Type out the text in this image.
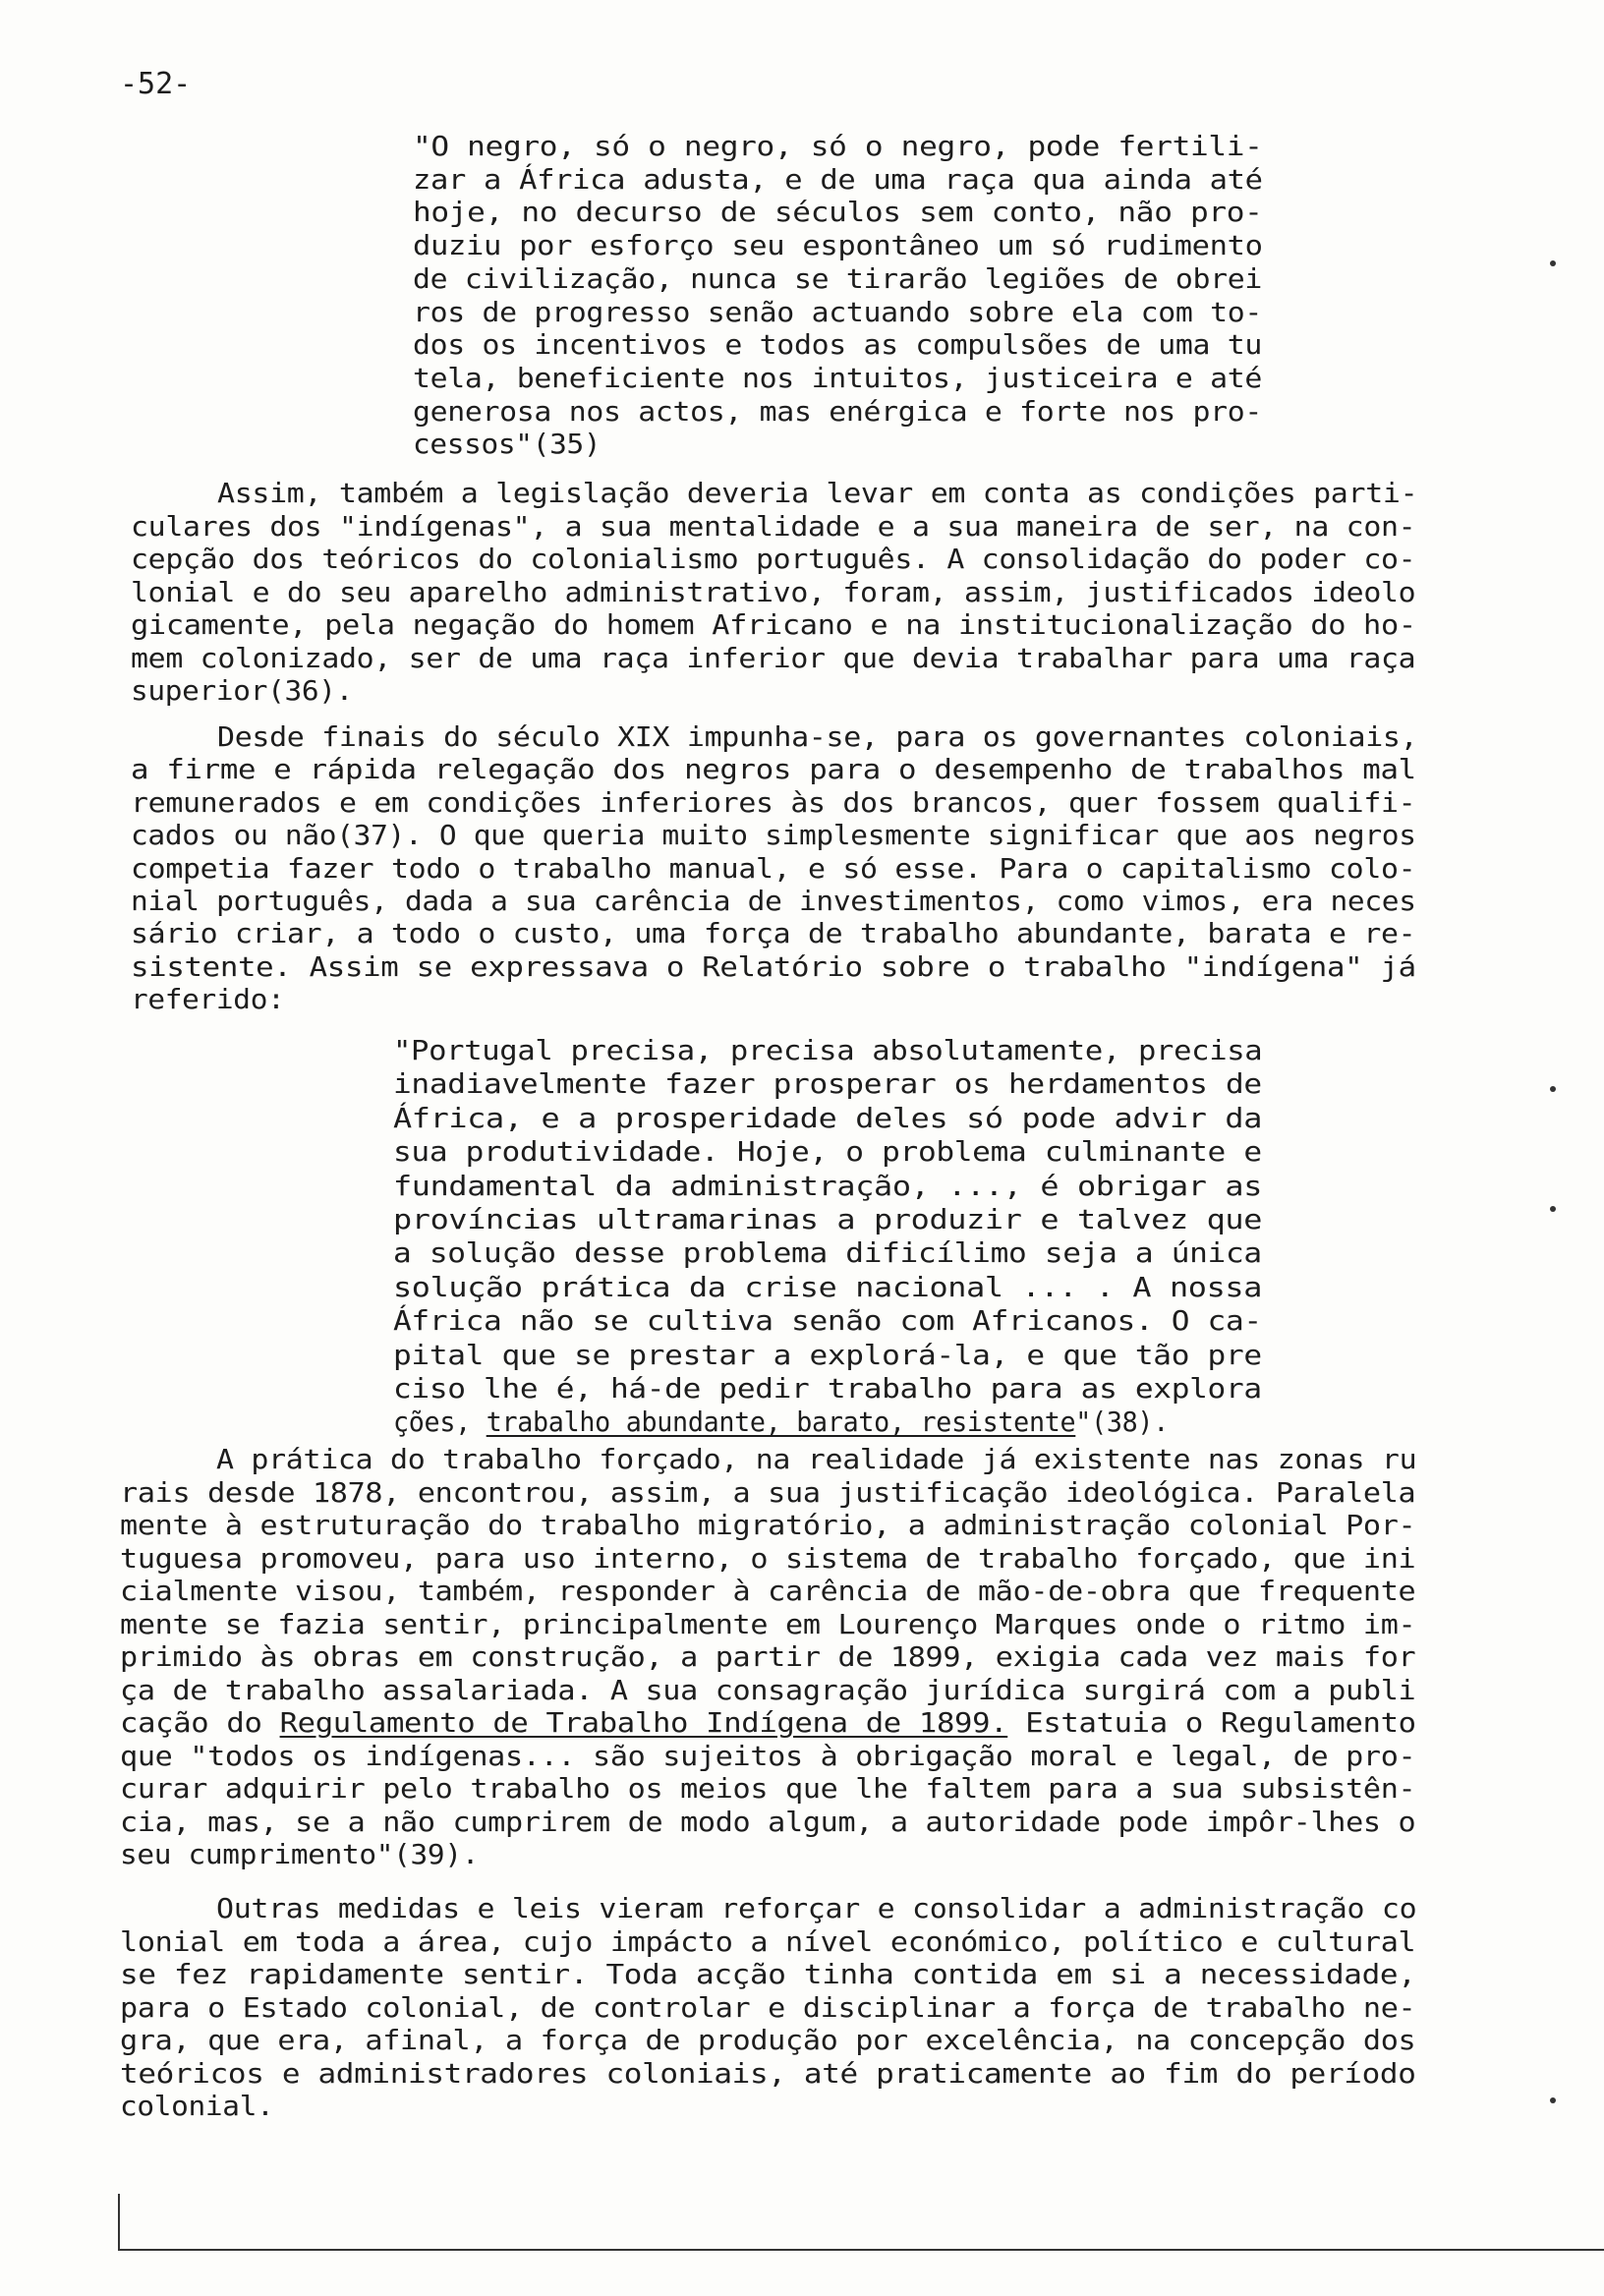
-52-
"O negro, só o negro, só o negro, pode fertili-
zar a África adusta, e de uma raça qua ainda até
hoje, no decurso de séculos sem conto, não pro-
duziu por esforço seu espontâneo um só rudimento
de civilização, nunca se tirarão legiões de obrei
ros de progresso senão actuando sobre ela com to-
dos os incentivos e todos as compulsões de uma tu
tela, beneficiente nos intuitos, justiceira e até
generosa nos actos, mas enérgica e forte nos pro-
cessos"(35)
Assim, também a legislação deveria levar em conta as condições parti-
culares dos "indígenas", a sua mentalidade e a sua maneira de ser, na con-
cepção dos teóricos do colonialismo português. A consolidação do poder co-
lonial e do seu aparelho administrativo, foram, assim, justificados ideolo
gicamente, pela negação do homem Africano e na institucionalização do ho-
mem colonizado, ser de uma raça inferior que devia trabalhar para uma raça
superior(36).
Desde finais do século XIX impunha-se, para os governantes coloniais,
a firme e rápida relegação dos negros para o desempenho de trabalhos mal
remunerados e em condições inferiores às dos brancos, quer fossem qualifi-
cados ou não(37). O que queria muito simplesmente significar que aos negros
competia fazer todo o trabalho manual, e só esse. Para o capitalismo colo-
nial português, dada a sua carência de investimentos, como vimos, era neces
sário criar, a todo o custo, uma força de trabalho abundante, barata e re-
sistente. Assim se expressava o Relatório sobre o trabalho "indígena" já
referido:
"Portugal precisa, precisa absolutamente, precisa
inadiavelmente fazer prosperar os herdamentos de
África, e a prosperidade deles só pode advir da
sua produtividade. Hoje, o problema culminante e
fundamental da administração, ..., é obrigar as
províncias ultramarinas a produzir e talvez que
a solução desse problema dificílimo seja a única
solução prática da crise nacional ... . A nossa
África não se cultiva senão com Africanos. O ca-
pital que se prestar a explorá-la, e que tão pre
ciso lhe é, há-de pedir trabalho para as explora
ções, trabalho abundante, barato, resistente"(38).
A prática do trabalho forçado, na realidade já existente nas zonas ru
rais desde 1878, encontrou, assim, a sua justificação ideológica. Paralela
mente à estruturação do trabalho migratório, a administração colonial Por-
tuguesa promoveu, para uso interno, o sistema de trabalho forçado, que ini
cialmente visou, também, responder à carência de mão-de-obra que frequente
mente se fazia sentir, principalmente em Lourenço Marques onde o ritmo im-
primido às obras em construção, a partir de 1899, exigia cada vez mais for
ça de trabalho assalariada. A sua consagração jurídica surgirá com a publi
cação do Regulamento de Trabalho Indígena de 1899. Estatuia o Regulamento
que "todos os indígenas... são sujeitos à obrigação moral e legal, de pro-
curar adquirir pelo trabalho os meios que lhe faltem para a sua subsistên-
cia, mas, se a não cumprirem de modo algum, a autoridade pode impôr-lhes o
seu cumprimento"(39).
Outras medidas e leis vieram reforçar e consolidar a administração co
lonial em toda a área, cujo impácto a nível económico, político e cultural
se fez rapidamente sentir. Toda acção tinha contida em si a necessidade,
para o Estado colonial, de controlar e disciplinar a força de trabalho ne-
gra, que era, afinal, a força de produção por excelência, na concepção dos
teóricos e administradores coloniais, até praticamente ao fim do período
colonial.
